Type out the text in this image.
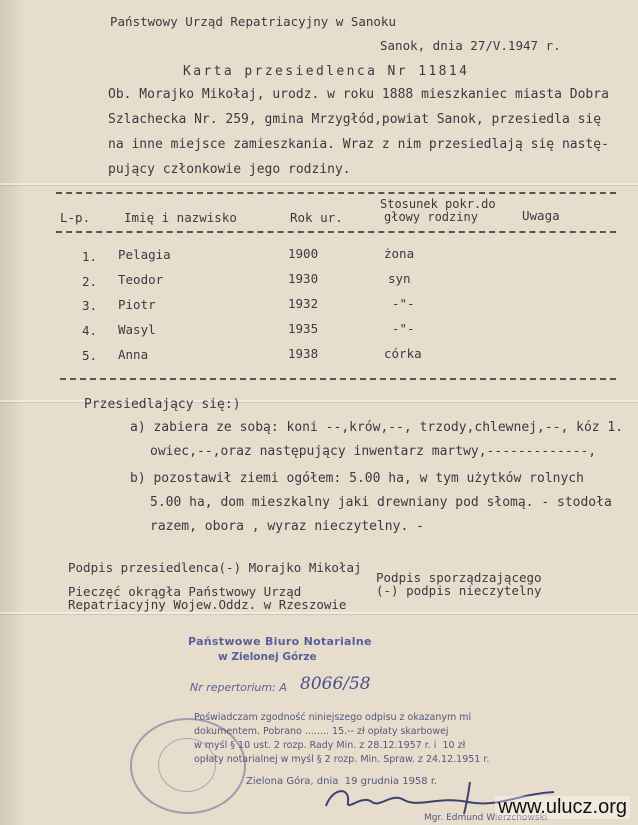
Państwowy Urząd Repatriacyjny w Sanoku
Sanok, dnia 27/V.1947 r.
Karta przesiedlenca Nr 11814
Ob. Morajko Mikołaj, urodz. w roku 1888 mieszkaniec miasta Dobra
Szlachecka Nr. 259, gmina Mrzygłód,powiat Sanok, przesiedla się
na inne miejsce zamieszkania. Wraz z nim przesiedlają się nastę-
pujący członkowie jego rodziny.
Stosunek pokr.do
L-p.	Imię i nazwisko	Rok ur.	głowy rodziny	Uwaga
1. Pelagia	1900	żona
2. Teodor	1930	syn
3. Piotr	1932	-"-
4. Wasyl	1935	-"-
5. Anna	1938	córka
Przesiedlający się:)
a) zabiera ze sobą: koni --,krów,--, trzody,chlewnej,--, kóz 1.
owiec,--,oraz następujący inwentarz martwy,-------------,
b) pozostawił ziemi ogółem: 5.00 ha, w tym użytków rolnych
5.00 ha, dom mieszkalny jaki drewniany pod słomą. - stodoła
razem, obora , wyraz nieczytelny. -
Podpis przesiedlenca(-) Morajko Mikołaj
Podpis sporządzającego
(-) podpis nieczytelny
Pieczęć okrągła Państwowy Urząd
Repatriacyjny Wojew.Oddz. w Rzeszowie
Państwowe Biuro Notarialne
w Zielonej Górze
Nr repertorium: A 8066/58
Poświadczam zgodność niniejszego odpisu z okazanym mi
dokumentem. Pobrano ........ 15.-- zł opłaty skarbowej
w myśl § 10 ust. 2 rozp. Rady Min. z 28.12.1957 r. i  10 zł
opłaty notarialnej w myśl § 2 rozp. Min. Spraw. z 24.12.1951 r.
Zielona Góra, dnia  19 grudnia 1958 r.
Mgr. Edmund Wierzchowski
www.ulucz.org
